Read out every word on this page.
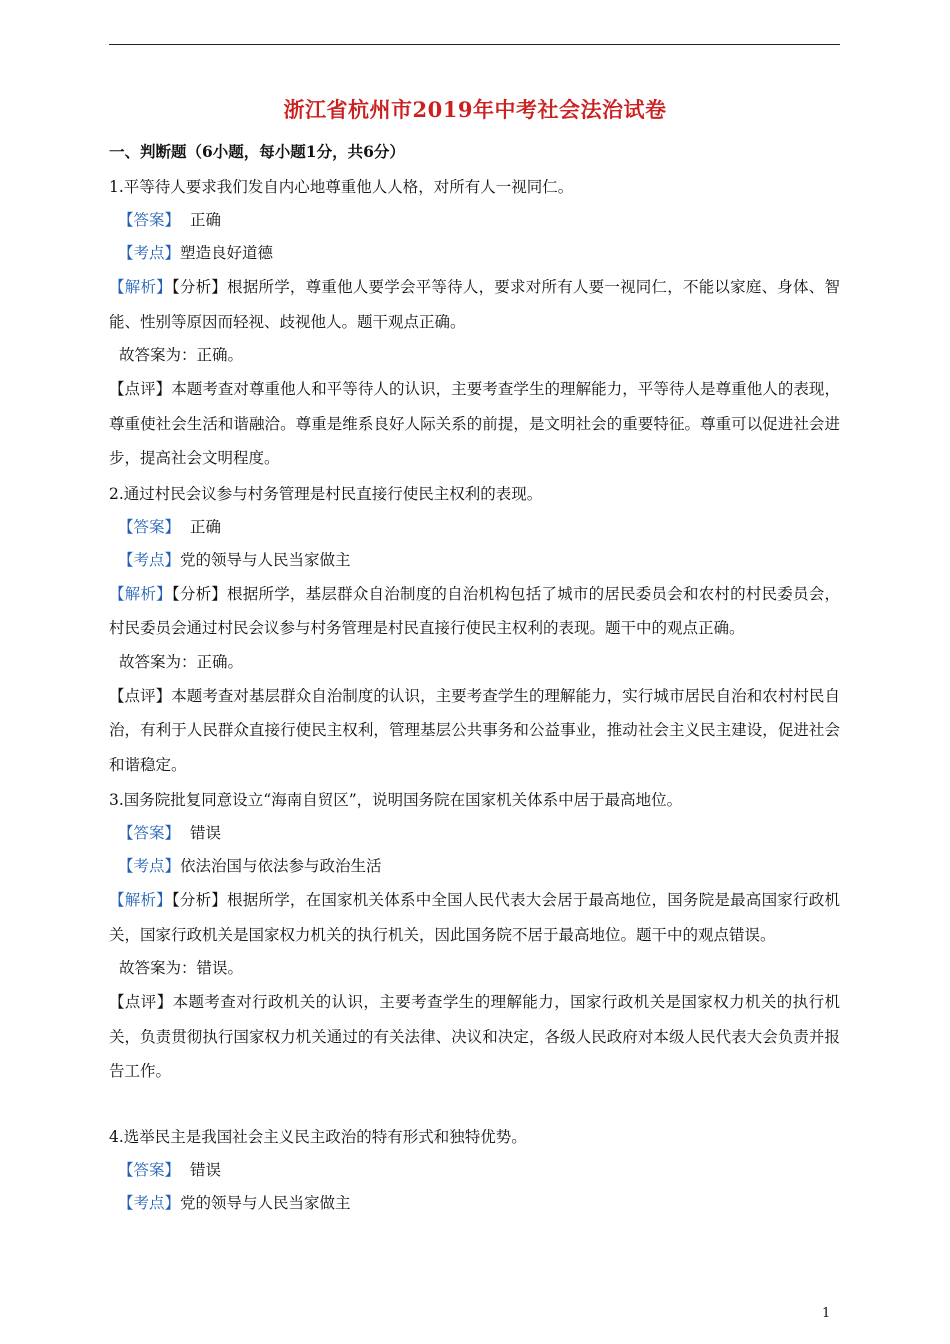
浙江省杭州市2019年中考社会法治试卷
一、判断题（6小题，每小题1分，共6分）
1.平等待人要求我们发自内心地尊重他人人格，对所有人一视同仁。
【答案】 正确
【考点】塑造良好道德
【解析】【分析】根据所学，尊重他人要学会平等待人，要求对所有人要一视同仁，不能以家庭、身体、智能、性别等原因而轻视、歧视他人。题干观点正确。
故答案为：正确。
【点评】本题考查对尊重他人和平等待人的认识，主要考查学生的理解能力，平等待人是尊重他人的表现，尊重使社会生活和谐融洽。尊重是维系良好人际关系的前提，是文明社会的重要特征。尊重可以促进社会进步，提高社会文明程度。
2.通过村民会议参与村务管理是村民直接行使民主权利的表现。
【答案】 正确
【考点】党的领导与人民当家做主
【解析】【分析】根据所学，基层群众自治制度的自治机构包括了城市的居民委员会和农村的村民委员会，村民委员会通过村民会议参与村务管理是村民直接行使民主权利的表现。题干中的观点正确。
故答案为：正确。
【点评】本题考查对基层群众自治制度的认识，主要考查学生的理解能力，实行城市居民自治和农村村民自治，有利于人民群众直接行使民主权利，管理基层公共事务和公益事业，推动社会主义民主建设，促进社会和谐稳定。
3.国务院批复同意设立“海南自贸区”，说明国务院在国家机关体系中居于最高地位。
【答案】 错误
【考点】依法治国与依法参与政治生活
【解析】【分析】根据所学，在国家机关体系中全国人民代表大会居于最高地位，国务院是最高国家行政机关，国家行政机关是国家权力机关的执行机关，因此国务院不居于最高地位。题干中的观点错误。
故答案为：错误。
【点评】本题考查对行政机关的认识，主要考查学生的理解能力，国家行政机关是国家权力机关的执行机关，负责贯彻执行国家权力机关通过的有关法律、决议和决定，各级人民政府对本级人民代表大会负责并报告工作。
4.选举民主是我国社会主义民主政治的特有形式和独特优势。
【答案】 错误
【考点】党的领导与人民当家做主
1
